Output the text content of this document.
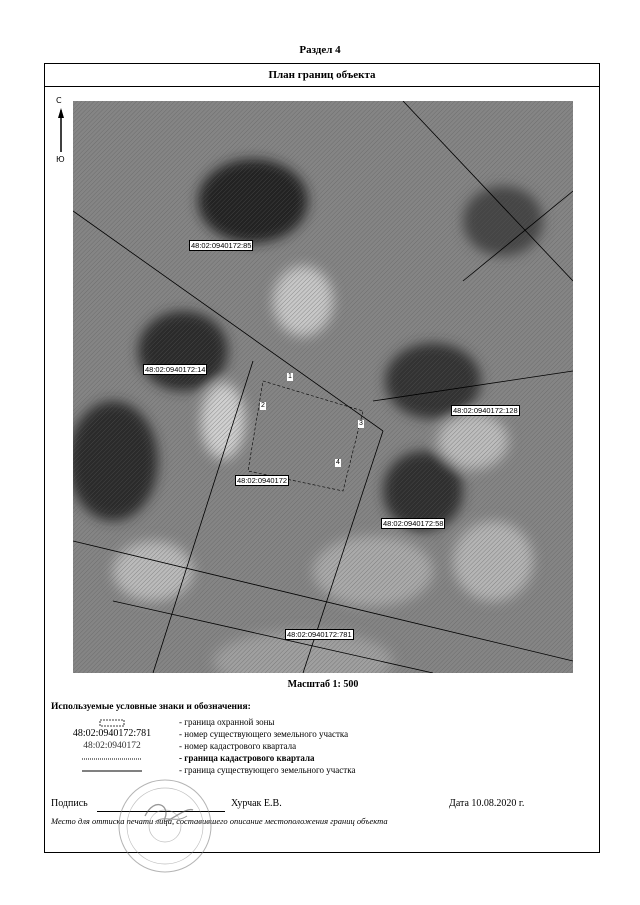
Раздел 4
План границ объекта
С
Ю
48:02:0940172:85
48:02:0940172:14
48:02:0940172
48:02:0940172:128
48:02:0940172:58
48:02:0940172:781
1
2
3
4
Масштаб 1: 500
Используемые условные знаки и обозначения:
- граница охранной зоны
48:02:0940172:781	- номер существующего земельного участка
48:02:0940172	- номер кадастрового квартала
- граница кадастрового квартала
- граница существующего земельного участка
Подпись	Хурчак Е.В.	Дата 10.08.2020 г.
Место для оттиска печати лица, составившего описание местоположения границ объекта
